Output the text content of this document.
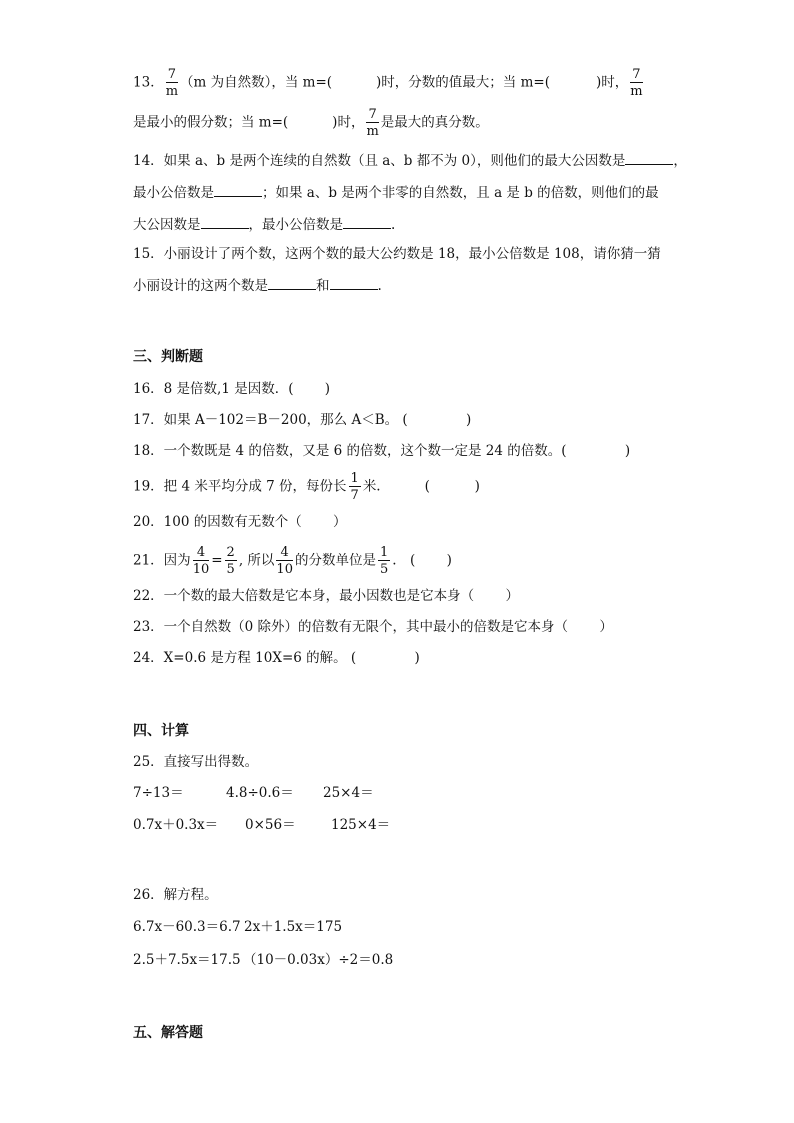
13． $\frac{7}{m} (m$ 为自然数），当 m=(	)时，分数的值最大；当 m=(	)时， $\frac{7}{m}$
是最小的假分数；当 m=(	)时， $\frac{7}{m}$ 是最大的真分数。
14．如果 a、b 是两个连续的自然数（且 a、b 都不为 0），则他们的最大公因数是	，
最小公倍数是	；如果 a、b 是两个非零的自然数，且 a 是 b 的倍数，则他们的最
大公因数是	，最小公倍数是	.
15．小丽设计了两个数，这两个数的最大公约数是 18，最小公倍数是 108，请你猜一猜
小丽设计的这两个数是	和	.
三、判断题
16．8 是倍数,1 是因数．(　　 )
17．如果 A－102＝B－200，那么 A＜B。 (　　　　 )
18．一个数既是 4 的倍数，又是 6 的倍数，这个数一定是 24 的倍数。(　　　　 )
19．把 4 米平均分成 7 份，每份长 $\frac{1}{7}$ 米.	(　　　 )
20．100 的因数有无数个（　　 ）
21．因为 $\frac{4}{10} = \frac{2}{5}$ , 所以 $\frac{4}{10}$ 的分数单位是 $\frac{1}{5}$ .　(　　 )
22．一个数的最大倍数是它本身，最小因数也是它本身（　　 ）
23．一个自然数（0 除外）的倍数有无限个，其中最小的倍数是它本身（　　 ）
24．X=0.6 是方程 10X=6 的解。 (　　　　 )
四、计算
25．直接写出得数。
7÷13＝	4.8÷0.6＝ 25×4＝
0.7x＋0.3x＝ 0×56＝	125×4＝
26．解方程。
6.7x－60.3＝6.7 2x＋1.5x＝175
2.5＋7.5x＝17.5 （10－0.03x）÷2＝0.8
五、解答题
